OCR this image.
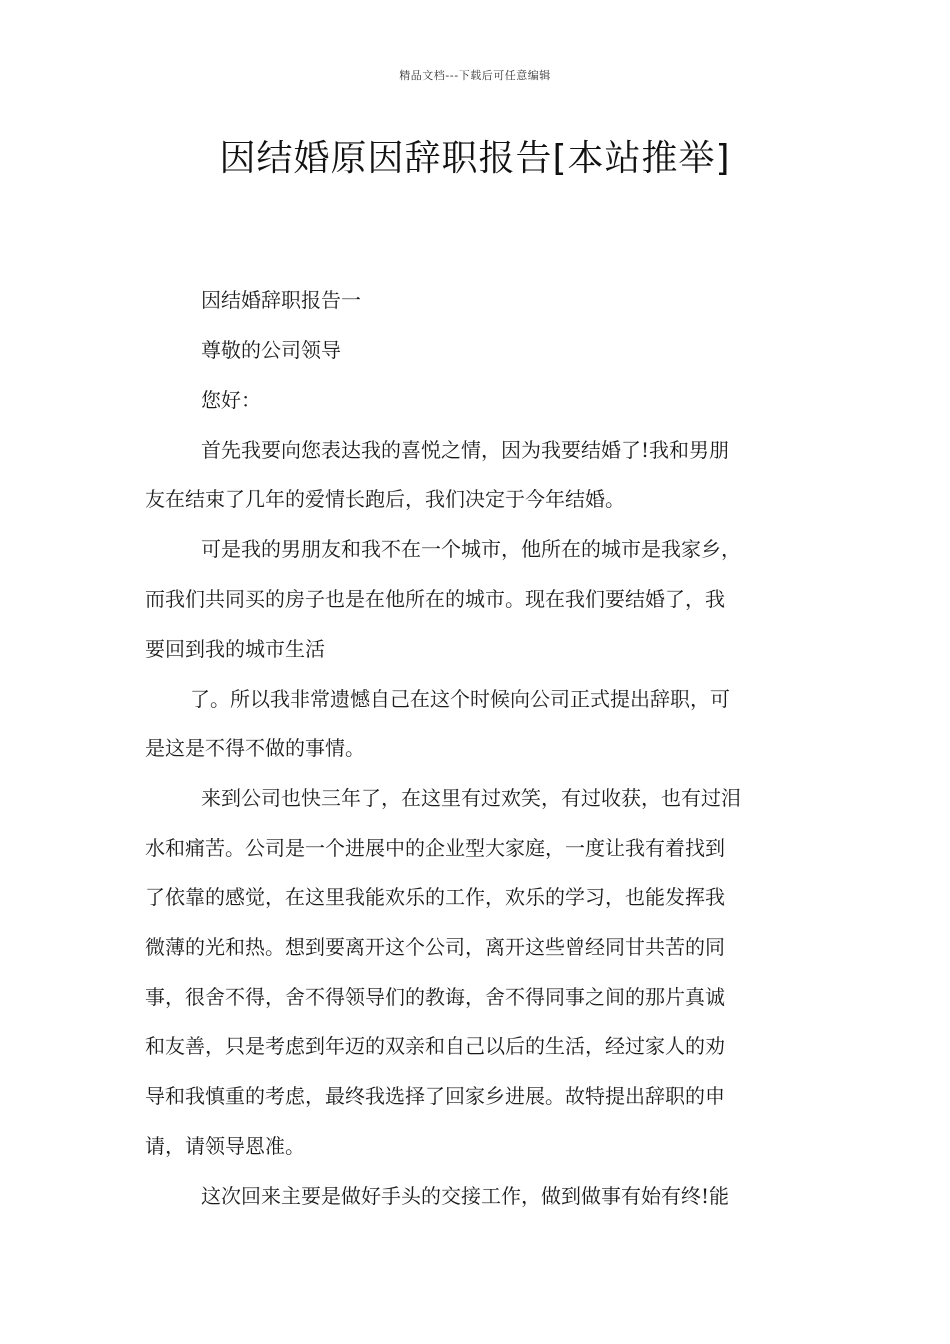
精品文档---下载后可任意编辑
因结婚原因辞职报告[本站推举]
因结婚辞职报告一
尊敬的公司领导
您好：
首先我要向您表达我的喜悦之情，因为我要结婚了!我和男朋
友在结束了几年的爱情长跑后，我们决定于今年结婚。
可是我的男朋友和我不在一个城市，他所在的城市是我家乡，
而我们共同买的房子也是在他所在的城市。现在我们要结婚了，我
要回到我的城市生活
了。所以我非常遗憾自己在这个时候向公司正式提出辞职，可
是这是不得不做的事情。
来到公司也快三年了，在这里有过欢笑，有过收获，也有过泪
水和痛苦。公司是一个进展中的企业型大家庭，一度让我有着找到
了依靠的感觉，在这里我能欢乐的工作，欢乐的学习，也能发挥我
微薄的光和热。想到要离开这个公司，离开这些曾经同甘共苦的同
事，很舍不得，舍不得领导们的教诲，舍不得同事之间的那片真诚
和友善，只是考虑到年迈的双亲和自己以后的生活，经过家人的劝
导和我慎重的考虑，最终我选择了回家乡进展。故特提出辞职的申
请，请领导恩准。
这次回来主要是做好手头的交接工作，做到做事有始有终!能
